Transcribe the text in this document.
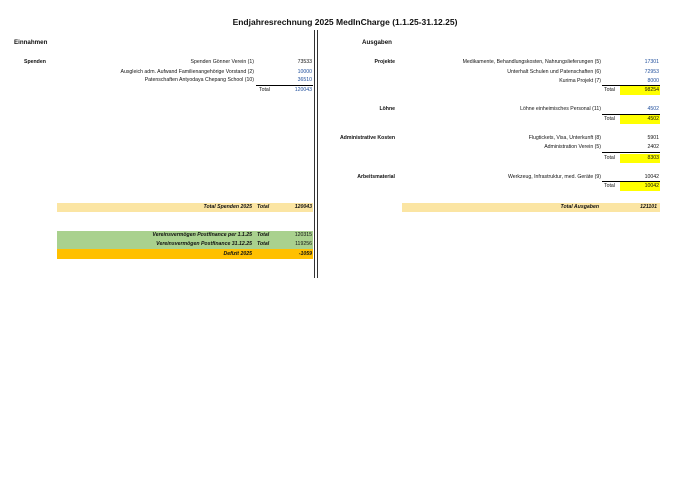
Endjahresrechnung 2025 MedInCharge (1.1.25-31.12.25)
Einnahmen
Spenden	Spenden Gönner Verein (1)	73533
Ausgleich adm. Aufwand Familienangehörige Vorstand (2)	10000
Patenschaften Antyodaya Chepang School (10)	36510
Total	120043
Total Spenden 2025 Total	120043
Vereinsvermögen Postfinance per 1.1.25 Total	120315
Vereinsvermögen Postfinance 31.12.25 Total	119256
Defizit 2025	-1059
Ausgaben
Projekte	Medikamente, Behandlungskosten, Nahrungslieferungen (5)	17301
Unterhalt Schulen und Patenschaften (6)	72953
Kurima Projekt (7)	8000
Total	98254
Löhne	Löhne einheimisches Personal (11)	4502
Total	4502
Administrative Kosten	Flugtickets, Visa, Unterkunft (8)	5901
Administration Verein (5)	2402
Total	8303
Arbeitsmaterial	Werkzeug, Infrastruktur, med. Geräte (9)	10042
Total	10042
Total Ausgaben	121101
